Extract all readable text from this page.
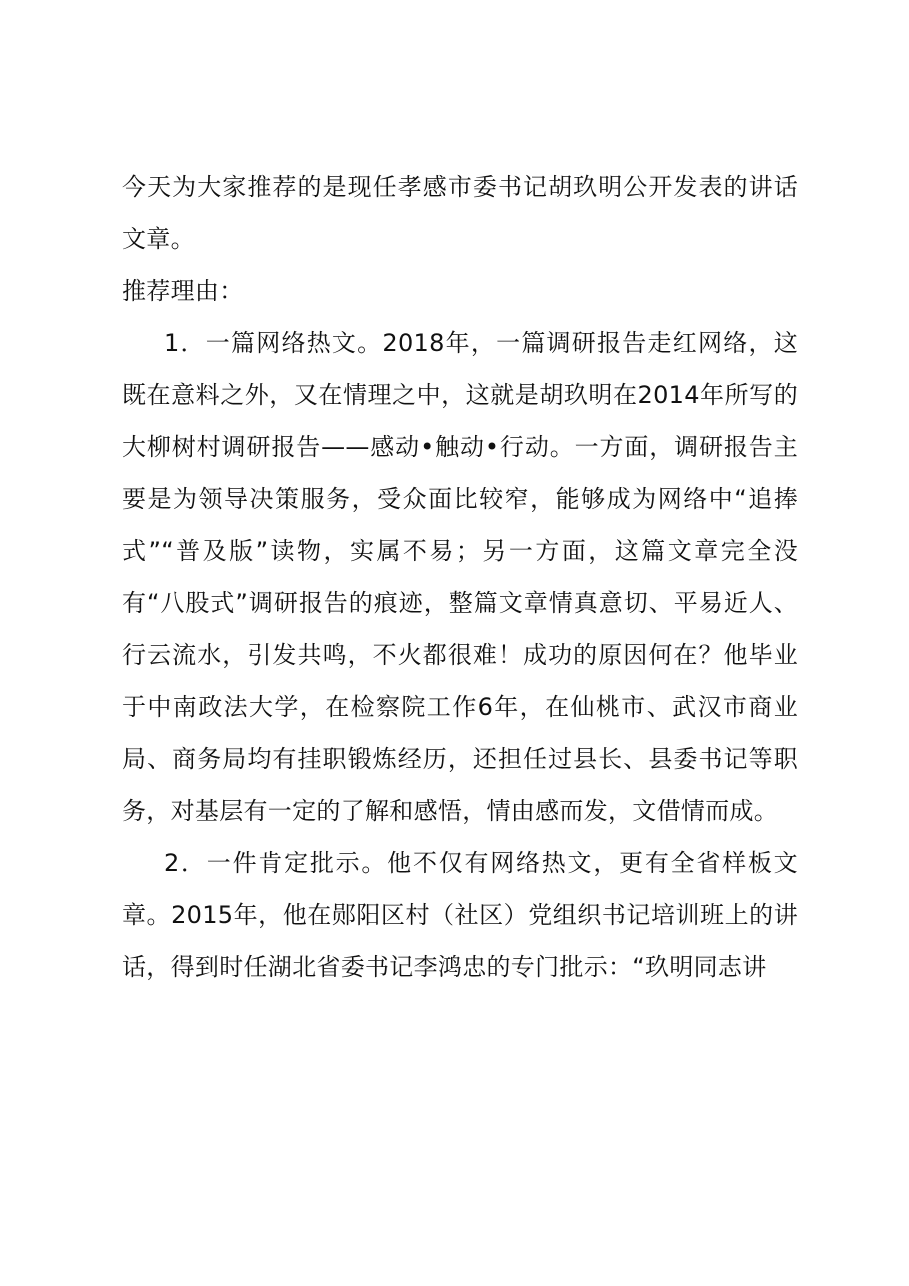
今天为大家推荐的是现任孝感市委书记胡玖明公开发表的讲话文章。

推荐理由：

1．一篇网络热文。2018年，一篇调研报告走红网络，这既在意料之外，又在情理之中，这就是胡玖明在2014年所写的大柳树村调研报告——感动•触动•行动。一方面，调研报告主要是为领导决策服务，受众面比较窄，能够成为网络中“追捧式”“普及版”读物，实属不易；另一方面，这篇文章完全没有“八股式”调研报告的痕迹，整篇文章情真意切、平易近人、行云流水，引发共鸣，不火都很难！成功的原因何在？他毕业于中南政法大学，在检察院工作6年，在仙桃市、武汉市商业局、商务局均有挂职锻炼经历，还担任过县长、县委书记等职务，对基层有一定的了解和感悟，情由感而发，文借情而成。

2．一件肯定批示。他不仅有网络热文，更有全省样板文章。2015年，他在郧阳区村（社区）党组织书记培训班上的讲话，得到时任湖北省委书记李鸿忠的专门批示：“玖明同志讲
